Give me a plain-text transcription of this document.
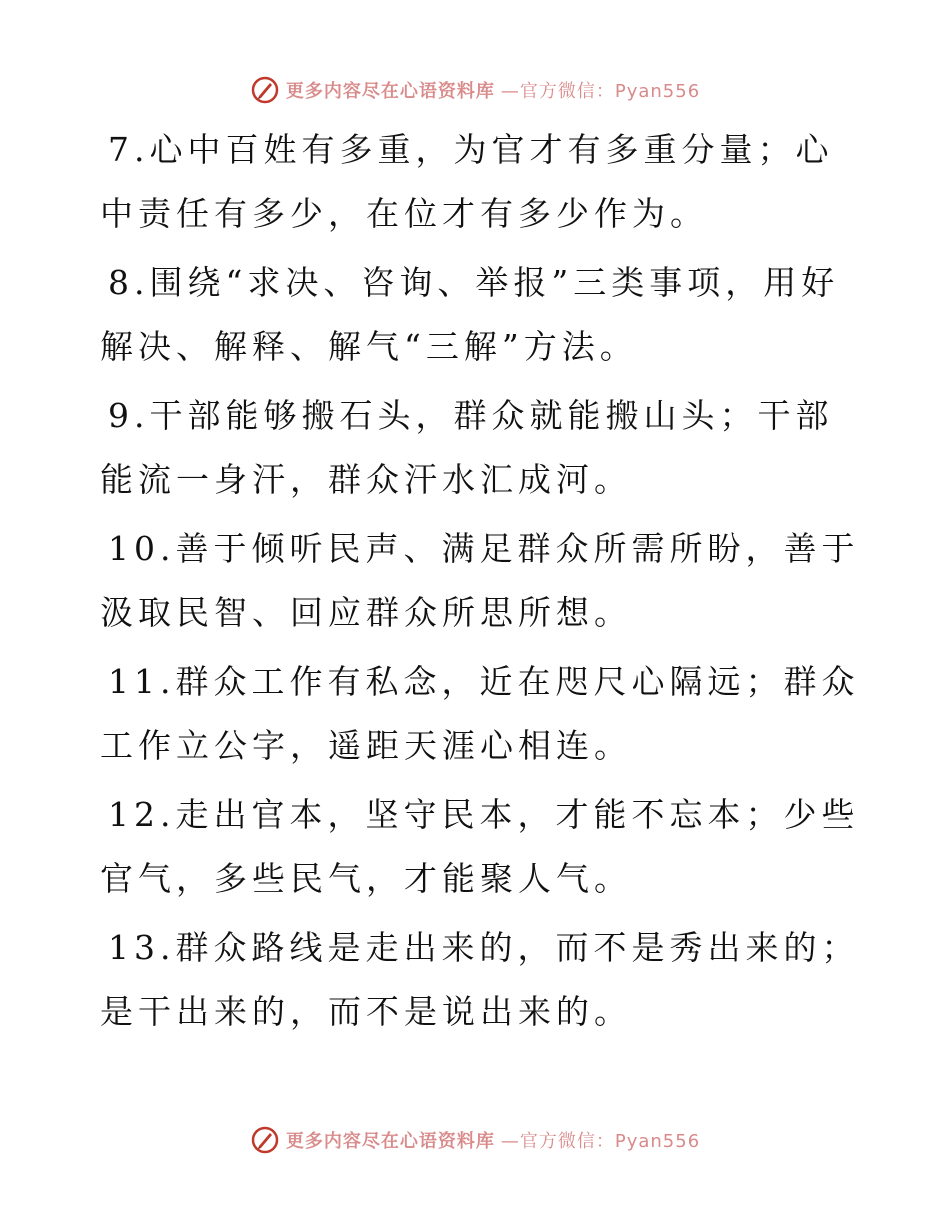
更多内容尽在心语资料库 —官方微信：Pyan556

7.心中百姓有多重，为官才有多重分量；心中责任有多少，在位才有多少作为。

8.围绕“求决、咨询、举报”三类事项，用好解决、解释、解气“三解”方法。

9.干部能够搬石头，群众就能搬山头；干部能流一身汗，群众汗水汇成河。

10.善于倾听民声、满足群众所需所盼，善于汲取民智、回应群众所思所想。

11.群众工作有私念，近在咫尺心隔远；群众工作立公字，遥距天涯心相连。

12.走出官本，坚守民本，才能不忘本；少些官气，多些民气，才能聚人气。

13.群众路线是走出来的，而不是秀出来的；是干出来的，而不是说出来的。

更多内容尽在心语资料库 —官方微信：Pyan556
